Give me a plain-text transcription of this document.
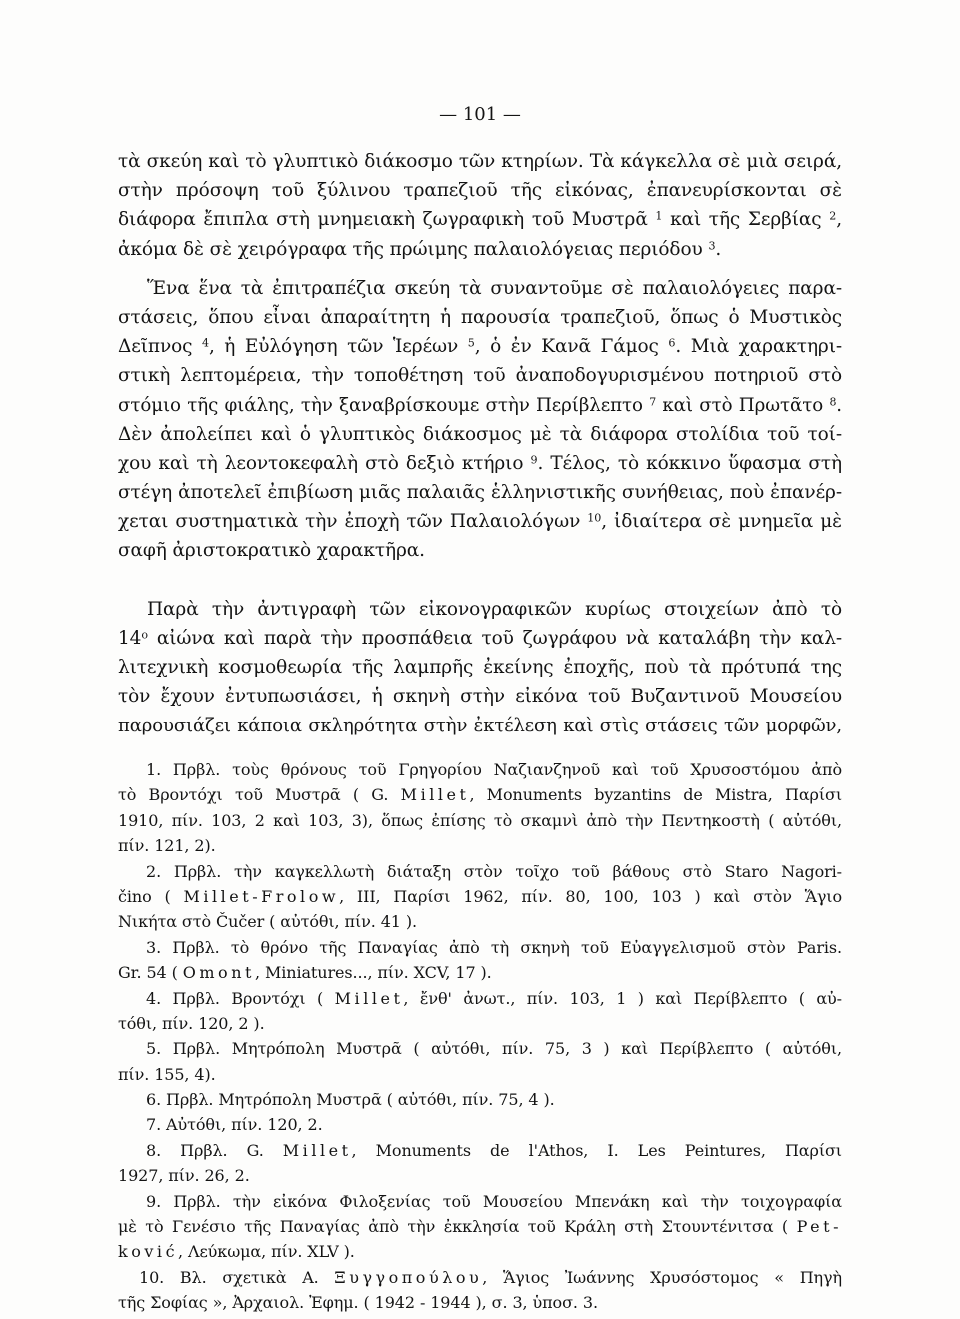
— 101 —
τὰ σκεύη καὶ τὸ γλυπτικὸ διάκοσμο τῶν κτηρίων. Τὰ κάγκελλα σὲ μιὰ σειρά,
στὴν πρόσοψη τοῦ ξύλινου τραπεζιοῦ τῆς εἰκόνας, ἐπανευρίσκονται σὲ
διάφορα ἔπιπλα στὴ μνημειακὴ ζωγραφικὴ τοῦ Μυστρᾶ $^1$ καὶ τῆς Σερβίας $^2$,
ἀκόμα δὲ σὲ χειρόγραφα τῆς πρώιμης παλαιολόγειας περιόδου $^3$.
Ἕνα ἕνα τὰ ἐπιτραπέζια σκεύη τὰ συναντοῦμε σὲ παλαιολόγειες παρα-
στάσεις, ὅπου εἶναι ἀπαραίτητη ἡ παρουσία τραπεζιοῦ, ὅπως ὁ Μυστικὸς
Δεῖπνος $^4$, ἡ Εὐλόγηση τῶν Ἱερέων $^5$, ὁ ἐν Κανᾶ Γάμος $^6$. Μιὰ χαρακτηρι-
στικὴ λεπτομέρεια, τὴν τοποθέτηση τοῦ ἀναποδογυρισμένου ποτηριοῦ στὸ
στόμιο τῆς φιάλης, τὴν ξαναβρίσκουμε στὴν Περίβλεπτο $^7$ καὶ στὸ Πρωτᾶτο $^8$.
Δὲν ἀπολείπει καὶ ὁ γλυπτικὸς διάκοσμος μὲ τὰ διάφορα στολίδια τοῦ τοί-
χου καὶ τὴ λεοντοκεφαλὴ στὸ δεξιὸ κτήριο $^9$. Τέλος, τὸ κόκκινο ὕφασμα στὴ
στέγη ἀποτελεῖ ἐπιβίωση μιᾶς παλαιᾶς ἑλληνιστικῆς συνήθειας, ποὺ ἐπανέρ-
χεται συστηματικὰ τὴν ἐποχὴ τῶν Παλαιολόγων $^{10}$, ἰδιαίτερα σὲ μνημεῖα μὲ
σαφῆ ἀριστοκρατικὸ χαρακτῆρα.
Παρὰ τὴν ἀντιγραφὴ τῶν εἰκονογραφικῶν κυρίως στοιχείων ἀπὸ τὸ
$14^o$ αἰώνα καὶ παρὰ τὴν προσπάθεια τοῦ ζωγράφου νὰ καταλάβη τὴν καλ-
λιτεχνικὴ κοσμοθεωρία τῆς λαμπρῆς ἐκείνης ἐποχῆς, ποὺ τὰ πρότυπά της
τὸν ἔχουν ἐντυπωσιάσει, ἡ σκηνὴ στὴν εἰκόνα τοῦ Βυζαντινοῦ Μουσείου
παρουσιάζει κάποια σκληρότητα στὴν ἐκτέλεση καὶ στὶς στάσεις τῶν μορφῶν,
1. Πρβλ. τοὺς θρόνους τοῦ Γρηγορίου Ναζιανζηνοῦ καὶ τοῦ Χρυσοστόμου ἀπὸ
τὸ Βροντόχι τοῦ Μυστρᾶ ( G. Millet, Monuments byzantins de Mistra, Παρίσι
1910, πίν. 103, 2 καὶ 103, 3), ὅπως ἐπίσης τὸ σκαμνὶ ἀπὸ τὴν Πεντηκοστὴ ( αὐτόθι,
πίν. 121, 2).
2. Πρβλ. τὴν καγκελλωτὴ διάταξη στὸν τοῖχο τοῦ βάθους στὸ Staro Nagori-
čino ( Millet-Frolow, III, Παρίσι 1962, πίν. 80, 100, 103 ) καὶ στὸν Ἅγιο
Νικήτα στὸ Čučer ( αὐτόθι, πίν. 41 ).
3. Πρβλ. τὸ θρόνο τῆς Παναγίας ἀπὸ τὴ σκηνὴ τοῦ Εὐαγγελισμοῦ στὸν Paris.
Gr. 54 ( Omont, Miniatures..., πίν. XCV, 17 ).
4. Πρβλ. Βροντόχι ( Millet, ἔνθ' ἀνωτ., πίν. 103, 1 ) καὶ Περίβλεπτο ( αὐ-
τόθι, πίν. 120, 2 ).
5. Πρβλ. Μητρόπολη Μυστρᾶ ( αὐτόθι, πίν. 75, 3 ) καὶ Περίβλεπτο ( αὐτόθι,
πίν. 155, 4).
6. Πρβλ. Μητρόπολη Μυστρᾶ ( αὐτόθι, πίν. 75, 4 ).
7. Αὐτόθι, πίν. 120, 2.
8. Πρβλ. G. Millet, Monuments de l'Athos, I. Les Peintures, Παρίσι
1927, πίν. 26, 2.
9. Πρβλ. τὴν εἰκόνα Φιλοξενίας τοῦ Μουσείου Μπενάκη καὶ τὴν τοιχογραφία
μὲ τὸ Γενέσιο τῆς Παναγίας ἀπὸ τὴν ἐκκλησία τοῦ Κράλη στὴ Στουντένιτσα ( Pet-
ković, Λεύκωμα, πίν. XLV ).
10. Βλ. σχετικὰ Α. Ξυγγοπούλου, Ἅγιος Ἰωάννης Χρυσόστομος « Πηγὴ
τῆς Σοφίας », Ἀρχαιολ. Ἐφημ. ( 1942 - 1944 ), σ. 3, ὑποσ. 3.
